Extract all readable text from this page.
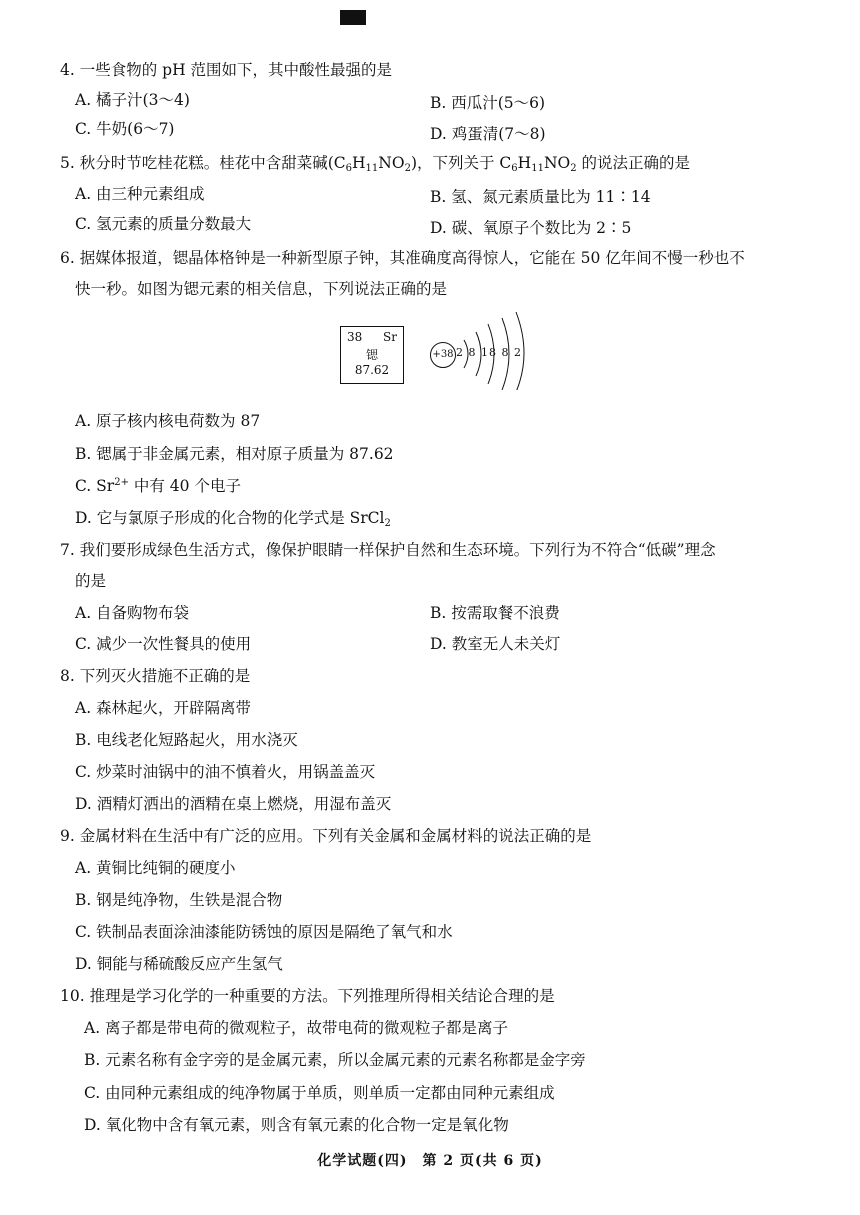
4. 一些食物的 pH 范围如下，其中酸性最强的是
A. 橘子汁(3～4)	B. 西瓜汁(5～6)
C. 牛奶(6～7)	D. 鸡蛋清(7～8)
5. 秋分时节吃桂花糕。桂花中含甜菜碱$(C_6H_{11}NO_2)$，下列关于 $C_6H_{11}NO_2$ 的说法正确的是
A. 由三种元素组成	B. 氢、氮元素质量比为 11∶14
C. 氢元素的质量分数最大	D. 碳、氧原子个数比为 2∶5
6. 据媒体报道，锶晶体格钟是一种新型原子钟，其准确度高得惊人，它能在 50 亿年间不慢一秒也不
快一秒。如图为锶元素的相关信息，下列说法正确的是
38 Sr
锶
87.62
+38 2 8 18 8 2
A. 原子核内核电荷数为 87
B. 锶属于非金属元素，相对原子质量为 87.62
C. $Sr^{2+}$ 中有 40 个电子
D. 它与氯原子形成的化合物的化学式是 SrCl$_2$
7. 我们要形成绿色生活方式，像保护眼睛一样保护自然和生态环境。下列行为不符合“低碳”理念
的是
A. 自备购物布袋	B. 按需取餐不浪费
C. 减少一次性餐具的使用	D. 教室无人未关灯
8. 下列灭火措施不正确的是
A. 森林起火，开辟隔离带
B. 电线老化短路起火，用水浇灭
C. 炒菜时油锅中的油不慎着火，用锅盖盖灭
D. 酒精灯洒出的酒精在桌上燃烧，用湿布盖灭
9. 金属材料在生活中有广泛的应用。下列有关金属和金属材料的说法正确的是
A. 黄铜比纯铜的硬度小
B. 钢是纯净物，生铁是混合物
C. 铁制品表面涂油漆能防锈蚀的原因是隔绝了氧气和水
D. 铜能与稀硫酸反应产生氢气
10. 推理是学习化学的一种重要的方法。下列推理所得相关结论合理的是
A. 离子都是带电荷的微观粒子，故带电荷的微观粒子都是离子
B. 元素名称有金字旁的是金属元素，所以金属元素的元素名称都是金字旁
C. 由同种元素组成的纯净物属于单质，则单质一定都由同种元素组成
D. 氧化物中含有氧元素，则含有氧元素的化合物一定是氧化物
化学试题(四)　第 2 页(共 6 页)
